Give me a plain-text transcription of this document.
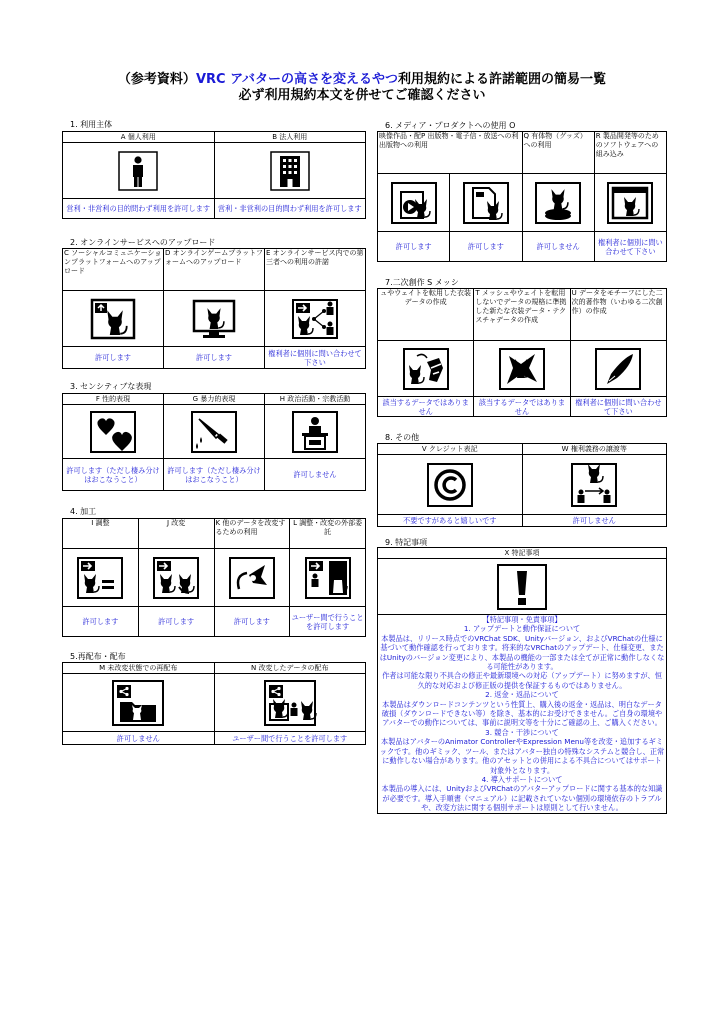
（参考資料）VRC アバターの高さを変えるやつ利用規約による許諾範囲の簡易一覧
必ず利用規約本文を併せてご確認ください
1. 利用主体
A 個人利用	B 法人利用

営利・非営利の目的問わず利用を許可します	営利・非営利の目的問わず利用を許可します
2. オンラインサービスへのアップロード
C ソーシャルコミュニケーションプラットフォームへのアップロード	D オンラインゲームプラットフォームへのアップロード	E オンラインサービス内での第三者への利用の許諾

許可します	許可します	権利者に個別に問い合わせて下さい
3. センシティブな表現
F 性的表現	G 暴力的表現	H 政治活動・宗教活動

許可します（ただし棲み分けはおこなうこと）	許可します（ただし棲み分けはおこなうこと）	許可しません
4. 加工
I 調整	J 改変	K 他のデータを改変するための利用	L 調整・改変の外部委託

許可します	許可します	許可します	ユーザー間で行うことを許可します
5.再配布・配布
M 未改変状態での再配布	N 改変したデータの配布

許可しません	ユーザー間で行うことを許可します
6. メディア・プロダクトへの使用 O
映像作品・配P 出版物・電子信・放送への利出版物への利用		Q 有体物（グッズ）への利用	R 製品開発等のためのソフトウェアへの組み込み

許可します	許可します	許可しません	権利者に個別に問い合わせて下さい
7.二次創作 S メッシ
ュやウェイトを転用した衣装データの作成	T メッシュやウェイトを転用しないでデータの規格に準拠した新たな衣装データ・テクスチャデータの作成	U データをモチーフにした二次的著作物（いわゆる二次創作）の作成

該当するデータではありません	該当するデータではありません	権利者に個別に問い合わせて下さい
8. その他
V クレジット表記	W 権利義務の譲渡等

不要ですがあると嬉しいです	許可しません
9. 特記事項
X 特記事項

【特記事項・免責事項】

1. アップデートと動作保証について

本製品は、リリース時点でのVRChat SDK、Unityバージョン、およびVRChatの仕様に基づいて動作確認を行っております。将来的なVRChatのアップデート、仕様変更、またはUnityのバージョン変更により、本製品の機能の一部または全てが正常に動作しなくなる可能性があります。

作者は可能な限り不具合の修正や最新環境への対応（アップデート）に努めますが、恒久的な対応および修正版の提供を保証するものではありません。

2. 返金・返品について

本製品はダウンロードコンテンツという性質上、購入後の返金・返品は、明白なデータ破損（ダウンロードできない等）を除き、基本的にお受けできません。ご自身の環境やアバターでの動作については、事前に説明文等を十分にご確認の上、ご購入ください。

3. 競合・干渉について

本製品はアバターのAnimator ControllerやExpression Menu等を改変・追加するギミックです。他のギミック、ツール、またはアバター独自の特殊なシステムと競合し、正常に動作しない場合があります。他のアセットとの併用による不具合についてはサポート対象外となります。

4. 導入サポートについて

本製品の導入には、UnityおよびVRChatのアバターアップロードに関する基本的な知識が必要です。導入手順書（マニュアル）に記載されていない個別の環境依存のトラブルや、改変方法に関する個別サポートは原則として行いません。
